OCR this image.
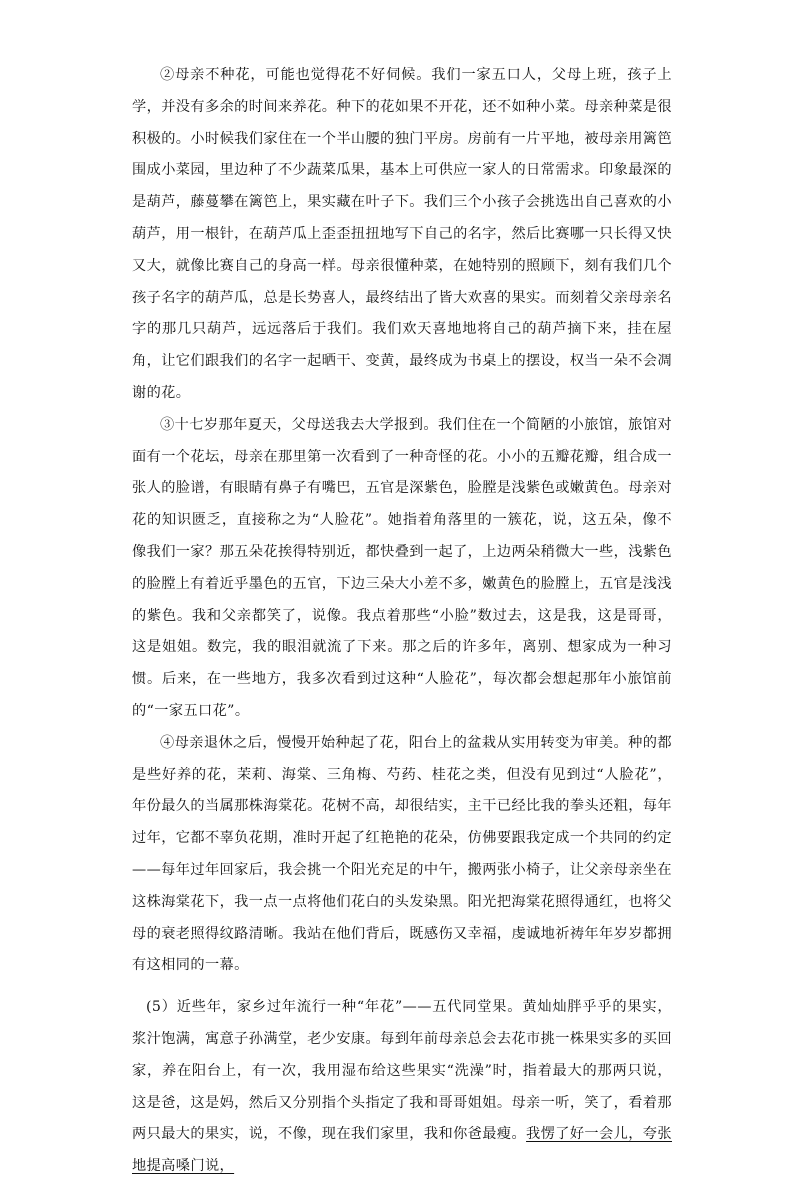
②母亲不种花，可能也觉得花不好伺候。我们一家五口人，父母上班，孩子上学，并没有多余的时间来养花。种下的花如果不开花，还不如种小菜。母亲种菜是很积极的。小时候我们家住在一个半山腰的独门平房。房前有一片平地，被母亲用篱笆围成小菜园，里边种了不少蔬菜瓜果，基本上可供应一家人的日常需求。印象最深的是葫芦，藤蔓攀在篱笆上，果实藏在叶子下。我们三个小孩子会挑选出自己喜欢的小葫芦，用一根针，在葫芦瓜上歪歪扭扭地写下自己的名字，然后比赛哪一只长得又快又大，就像比赛自己的身高一样。母亲很懂种菜，在她特别的照顾下，刻有我们几个孩子名字的葫芦瓜，总是长势喜人，最终结出了皆大欢喜的果实。而刻着父亲母亲名字的那几只葫芦，远远落后于我们。我们欢天喜地地将自己的葫芦摘下来，挂在屋角，让它们跟我们的名字一起晒干、变黄，最终成为书桌上的摆设，权当一朵不会凋谢的花。

③十七岁那年夏天，父母送我去大学报到。我们住在一个简陋的小旅馆，旅馆对面有一个花坛，母亲在那里第一次看到了一种奇怪的花。小小的五瓣花瓣，组合成一张人的脸谱，有眼睛有鼻子有嘴巴，五官是深紫色，脸膛是浅紫色或嫩黄色。母亲对花的知识匮乏，直接称之为“人脸花”。她指着角落里的一簇花，说，这五朵，像不像我们一家？那五朵花挨得特别近，都快叠到一起了，上边两朵稍微大一些，浅紫色的脸膛上有着近乎墨色的五官，下边三朵大小差不多，嫩黄色的脸膛上，五官是浅浅的紫色。我和父亲都笑了，说像。我点着那些“小脸”数过去，这是我，这是哥哥，这是姐姐。数完，我的眼泪就流了下来。那之后的许多年，离别、想家成为一种习惯。后来，在一些地方，我多次看到过这种“人脸花”，每次都会想起那年小旅馆前的“一家五口花”。

④母亲退休之后，慢慢开始种起了花，阳台上的盆栽从实用转变为审美。种的都是些好养的花，茉莉、海棠、三角梅、芍药、桂花之类，但没有见到过“人脸花”，年份最久的当属那株海棠花。花树不高，却很结实，主干已经比我的拳头还粗，每年过年，它都不辜负花期，准时开起了红艳艳的花朵，仿佛要跟我定成一个共同的约定——每年过年回家后，我会挑一个阳光充足的中午，搬两张小椅子，让父亲母亲坐在这株海棠花下，我一点一点将他们花白的头发染黑。阳光把海棠花照得通红，也将父母的衰老照得纹路清晰。我站在他们背后，既感伤又幸福，虔诚地祈祷年年岁岁都拥有这相同的一幕。

(5）近些年，家乡过年流行一种“年花”——五代同堂果。黄灿灿胖乎乎的果实，浆汁饱满，寓意子孙满堂，老少安康。每到年前母亲总会去花市挑一株果实多的买回家，养在阳台上，有一次，我用湿布给这些果实“洗澡”时，指着最大的那两只说，这是爸，这是妈，然后又分别指个头指定了我和哥哥姐姐。母亲一听，笑了，看着那两只最大的果实，说，不像，现在我们家里，我和你爸最瘦。我愣了好一会儿，夸张地提高嗓门说，
